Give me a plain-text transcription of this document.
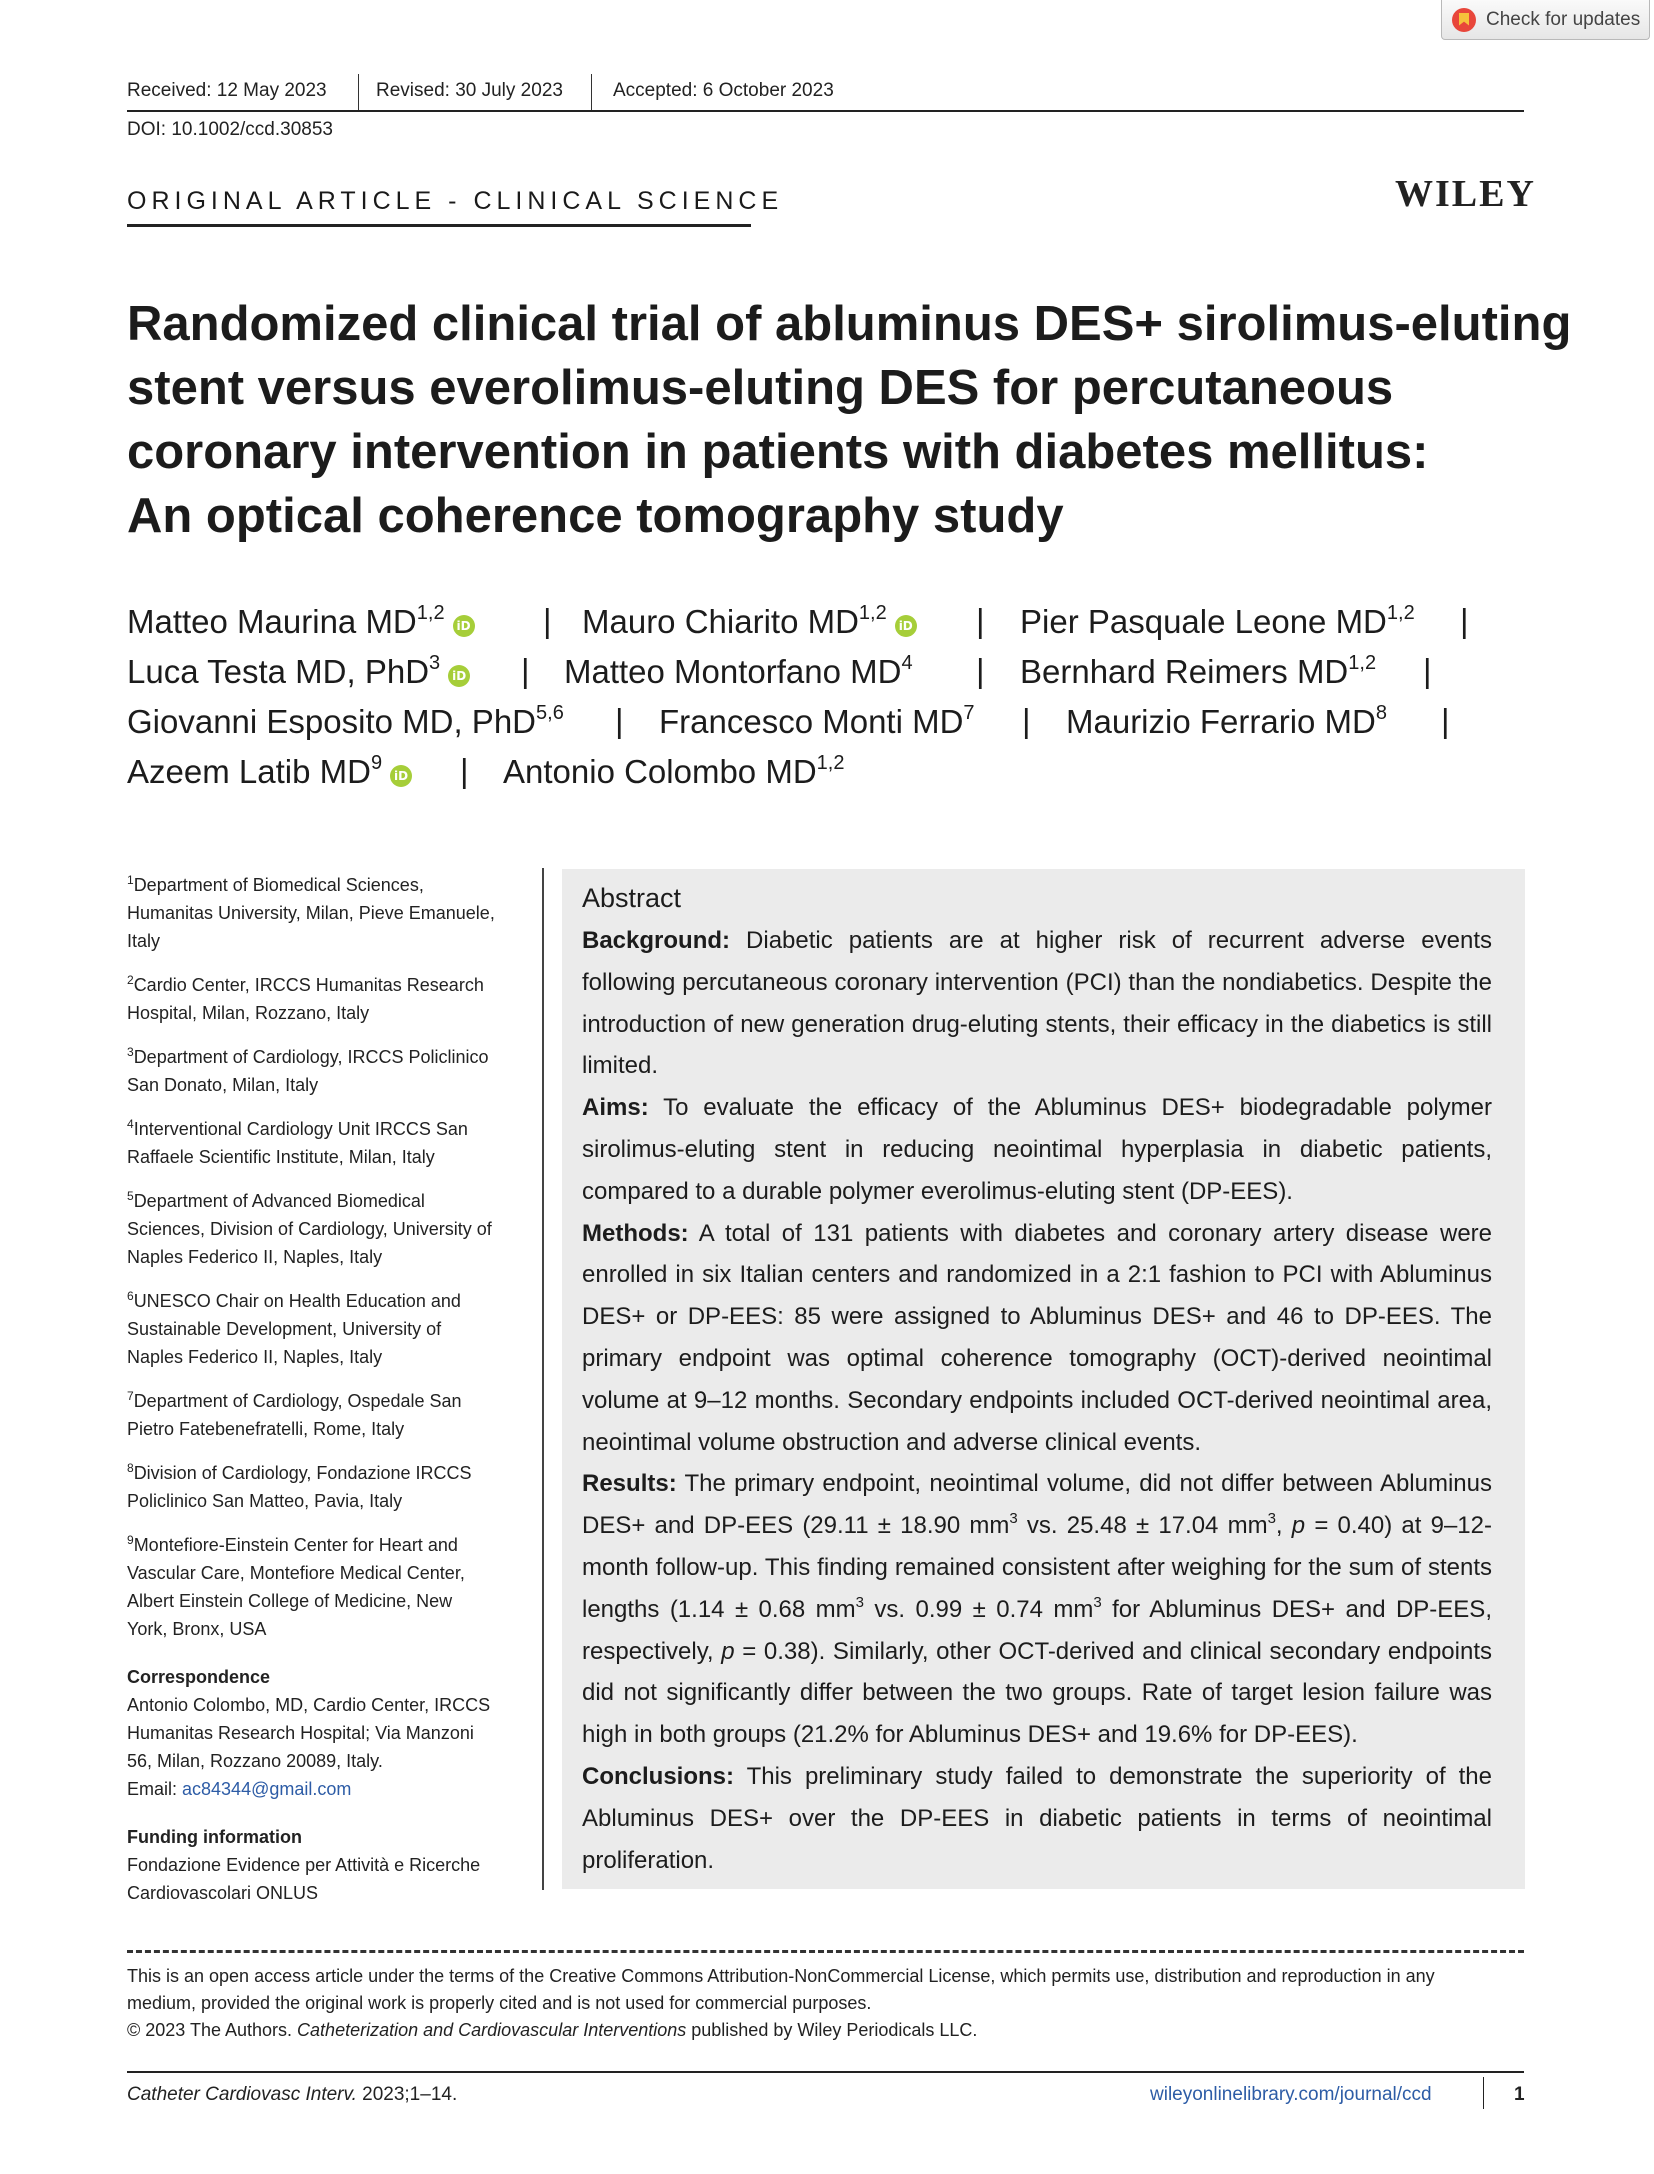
Check for updates
Received: 12 May 2023	Revised: 30 July 2023	Accepted: 6 October 2023
DOI: 10.1002/ccd.30853
ORIGINAL ARTICLE - CLINICAL SCIENCE	WILEY
Randomized clinical trial of abluminus DES+ sirolimus-eluting
stent versus everolimus-eluting DES for percutaneous
coronary intervention in patients with diabetes mellitus:
An optical coherence tomography study
Matteo Maurina MD$^{1,2}$iD | Mauro Chiarito MD$^{1,2}$iD | Pier Pasquale Leone MD$^{1,2}$ |
Luca Testa MD, PhD$^3$iD | Matteo Montorfano $MD^4$ | Bernhard Reimers MD$^{1,2}$ |
Giovanni Esposito MD, PhD$^{5,6}$ | Francesco Monti $MD^7$ | Maurizio Ferrario $MD^8$ |
Azeem Latib $MD^9iD$ | Antonio Colombo MD$^{1,2}$
$^1$Department of Biomedical Sciences,
Humanitas University, Milan, Pieve Emanuele,
Italy
$^2$Cardio Center, IRCCS Humanitas Research
Hospital, Milan, Rozzano, Italy
$^3$Department of Cardiology, IRCCS Policlinico
San Donato, Milan, Italy
$^4$Interventional Cardiology Unit IRCCS San
Raffaele Scientific Institute, Milan, Italy
$^5$Department of Advanced Biomedical
Sciences, Division of Cardiology, University of
Naples Federico II, Naples, Italy
$^6$UNESCO Chair on Health Education and
Sustainable Development, University of
Naples Federico II, Naples, Italy
$^7$Department of Cardiology, Ospedale San
Pietro Fatebenefratelli, Rome, Italy
$^8$Division of Cardiology, Fondazione IRCCS
Policlinico San Matteo, Pavia, Italy
$^9$Montefiore-Einstein Center for Heart and
Vascular Care, Montefiore Medical Center,
Albert Einstein College of Medicine, New
York, Bronx, USA
Correspondence
Antonio Colombo, MD, Cardio Center, IRCCS
Humanitas Research Hospital; Via Manzoni
56, Milan, Rozzano 20089, Italy.
Email: ac84344@gmail.com
Funding information
Fondazione Evidence per Attività e Ricerche
Cardiovascolari ONLUS
Abstract

Background: Diabetic patients are at higher risk of recurrent adverse events following percutaneous coronary intervention (PCI) than the nondiabetics. Despite the introduction of new generation drug-eluting stents, their efficacy in the diabetics is still limited.

Aims: To evaluate the efficacy of the Abluminus DES+ biodegradable polymer sirolimus-eluting stent in reducing neointimal hyperplasia in diabetic patients, compared to a durable polymer everolimus-eluting stent (DP-EES).

Methods: A total of 131 patients with diabetes and coronary artery disease were enrolled in six Italian centers and randomized in a 2:1 fashion to PCI with Abluminus DES+ or DP-EES: 85 were assigned to Abluminus DES+ and 46 to DP-EES. The primary endpoint was optimal coherence tomography (OCT)-derived neointimal volume at 9–12 months. Secondary endpoints included OCT-derived neointimal area, neointimal volume obstruction and adverse clinical events.

Results: The primary endpoint, neointimal volume, did not differ between Abluminus DES+ and DP-EES (29.11 ± 18.90 $mm^3$ vs. 25.48 ± 17.04 $mm^3$, p = 0.40) at 9–12-month follow-up. This finding remained consistent after weighing for the sum of stents lengths (1.14 ± 0.68 $mm^3$ vs. 0.99 ± 0.74 $mm^3$ for Abluminus DES+ and DP-EES, respectively, p = 0.38). Similarly, other OCT-derived and clinical secondary endpoints did not significantly differ between the two groups. Rate of target lesion failure was high in both groups (21.2% for Abluminus DES+ and 19.6% for DP-EES).

Conclusions: This preliminary study failed to demonstrate the superiority of the Abluminus DES+ over the DP-EES in diabetic patients in terms of neointimal proliferation.

This is an open access article under the terms of the Creative Commons Attribution-NonCommercial License, which permits use, distribution and reproduction in any
medium, provided the original work is properly cited and is not used for commercial purposes.
© 2023 The Authors. Catheterization and Cardiovascular Interventions published by Wiley Periodicals LLC.
Catheter Cardiovasc Interv. 2023;1–14.	wileyonlinelibrary.com/journal/ccd	1
